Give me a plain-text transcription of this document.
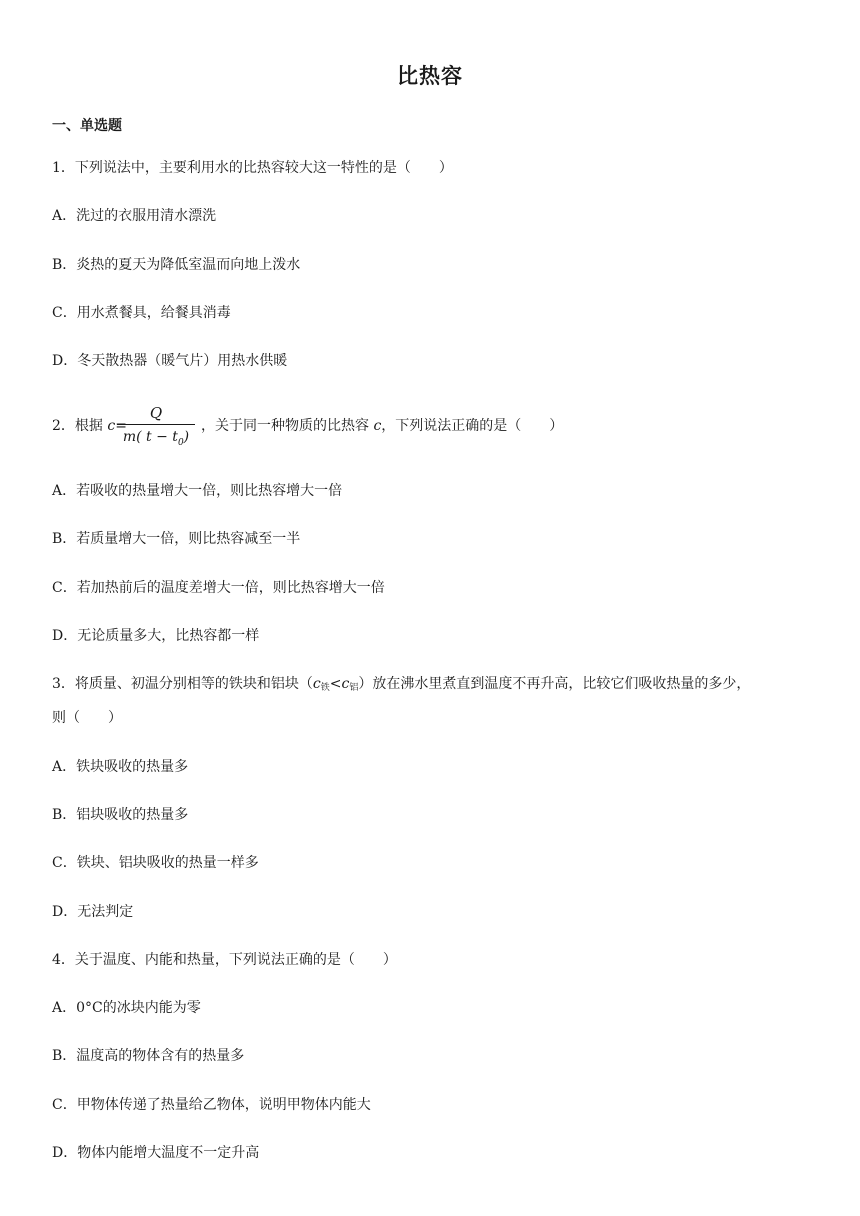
比热容
一、单选题
1．下列说法中，主要利用水的比热容较大这一特性的是（　　）
A．洗过的衣服用清水漂洗
B．炎热的夏天为降低室温而向地上泼水
C．用水煮餐具，给餐具消毒
D．冬天散热器（暖气片）用热水供暖
2．根据 c=
Q
m( $t - t_0$)
，关于同一种物质的比热容 c，下列说法正确的是（　　）
A．若吸收的热量增大一倍，则比热容增大一倍
B．若质量增大一倍，则比热容减至一半
C．若加热前后的温度差增大一倍，则比热容增大一倍
D．无论质量多大，比热容都一样
3．将质量、初温分别相等的铁块和铝块（c铁<c铝）放在沸水里煮直到温度不再升高，比较它们吸收热量的多少，
则（　　）
A．铁块吸收的热量多
B．铝块吸收的热量多
C．铁块、铝块吸收的热量一样多
D．无法判定
4．关于温度、内能和热量，下列说法正确的是（　　）
A．0°C的冰块内能为零
B．温度高的物体含有的热量多
C．甲物体传递了热量给乙物体，说明甲物体内能大
D．物体内能增大温度不一定升高
